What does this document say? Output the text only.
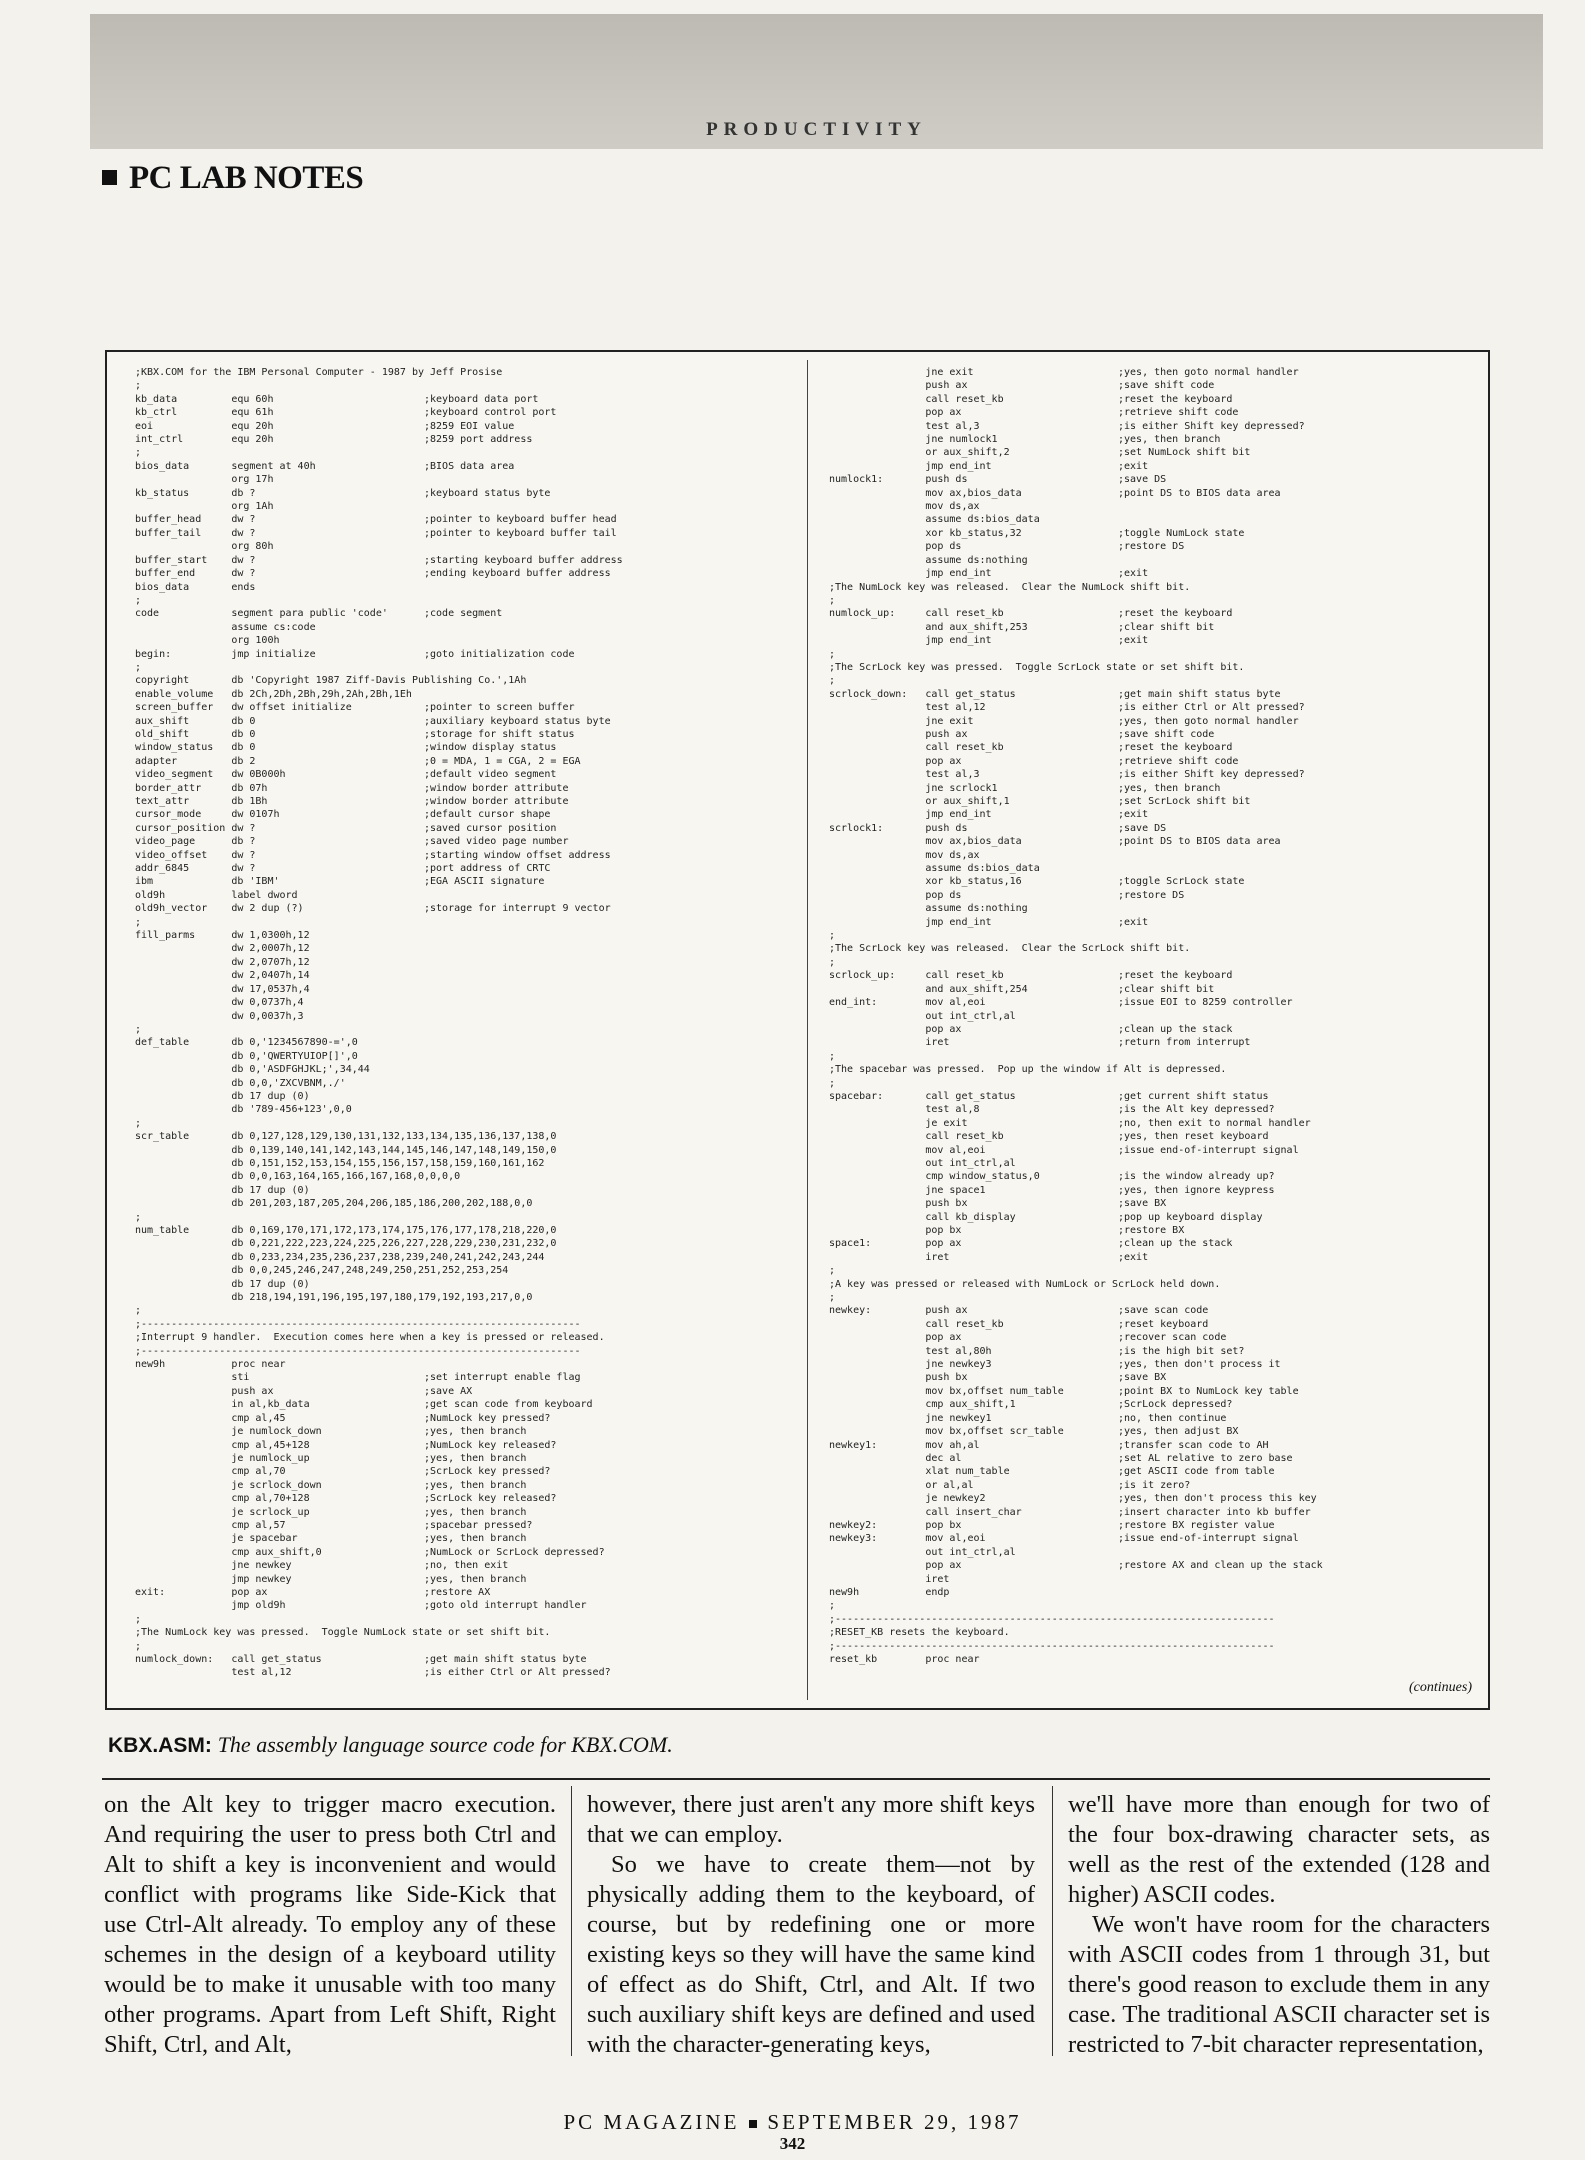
PRODUCTIVITY
PC LAB NOTES
;KBX.COM for the IBM Personal Computer - 1987 by Jeff Prosise
;
kb_data         equ 60h                         ;keyboard data port
kb_ctrl         equ 61h                         ;keyboard control port
eoi             equ 20h                         ;8259 EOI value
int_ctrl        equ 20h                         ;8259 port address
;
bios_data       segment at 40h                  ;BIOS data area
org 17h
kb_status       db ?                            ;keyboard status byte
org 1Ah
buffer_head     dw ?                            ;pointer to keyboard buffer head
buffer_tail     dw ?                            ;pointer to keyboard buffer tail
org 80h
buffer_start    dw ?                            ;starting keyboard buffer address
buffer_end      dw ?                            ;ending keyboard buffer address
bios_data       ends
;
code            segment para public 'code'      ;code segment
assume cs:code
org 100h
begin:          jmp initialize                  ;goto initialization code
;
copyright       db 'Copyright 1987 Ziff-Davis Publishing Co.',1Ah
enable_volume   db 2Ch,2Dh,2Bh,29h,2Ah,2Bh,1Eh
screen_buffer   dw offset initialize            ;pointer to screen buffer
aux_shift       db 0                            ;auxiliary keyboard status byte
old_shift       db 0                            ;storage for shift status
window_status   db 0                            ;window display status
adapter         db 2                            ;0 = MDA, 1 = CGA, 2 = EGA
video_segment   dw 0B000h                       ;default video segment
border_attr     db 07h                          ;window border attribute
text_attr       db 1Bh                          ;window border attribute
cursor_mode     dw 0107h                        ;default cursor shape
cursor_position dw ?                            ;saved cursor position
video_page      db ?                            ;saved video page number
video_offset    dw ?                            ;starting window offset address
addr_6845       dw ?                            ;port address of CRTC
ibm             db 'IBM'                        ;EGA ASCII signature
old9h           label dword
old9h_vector    dw 2 dup (?)                    ;storage for interrupt 9 vector
;
fill_parms      dw 1,0300h,12
dw 2,0007h,12
dw 2,0707h,12
dw 2,0407h,14
dw 17,0537h,4
dw 0,0737h,4
dw 0,0037h,3
;
def_table       db 0,'1234567890-=',0
db 0,'QWERTYUIOP[]',0
db 0,'ASDFGHJKL;',34,44
db 0,0,'ZXCVBNM,./'
db 17 dup (0)
db '789-456+123',0,0
;
scr_table       db 0,127,128,129,130,131,132,133,134,135,136,137,138,0
db 0,139,140,141,142,143,144,145,146,147,148,149,150,0
db 0,151,152,153,154,155,156,157,158,159,160,161,162
db 0,0,163,164,165,166,167,168,0,0,0,0
db 17 dup (0)
db 201,203,187,205,204,206,185,186,200,202,188,0,0
;
num_table       db 0,169,170,171,172,173,174,175,176,177,178,218,220,0
db 0,221,222,223,224,225,226,227,228,229,230,231,232,0
db 0,233,234,235,236,237,238,239,240,241,242,243,244
db 0,0,245,246,247,248,249,250,251,252,253,254
db 17 dup (0)
db 218,194,191,196,195,197,180,179,192,193,217,0,0
;
;-------------------------------------------------------------------------
;Interrupt 9 handler.  Execution comes here when a key is pressed or released.
;-------------------------------------------------------------------------
new9h           proc near
sti                             ;set interrupt enable flag
push ax                         ;save AX
in al,kb_data                   ;get scan code from keyboard
cmp al,45                       ;NumLock key pressed?
je numlock_down                 ;yes, then branch
cmp al,45+128                   ;NumLock key released?
je numlock_up                   ;yes, then branch
cmp al,70                       ;ScrLock key pressed?
je scrlock_down                 ;yes, then branch
cmp al,70+128                   ;ScrLock key released?
je scrlock_up                   ;yes, then branch
cmp al,57                       ;spacebar pressed?
je spacebar                     ;yes, then branch
cmp aux_shift,0                 ;NumLock or ScrLock depressed?
jne newkey                      ;no, then exit
jmp newkey                      ;yes, then branch
exit:           pop ax                          ;restore AX
jmp old9h                       ;goto old interrupt handler
;
;The NumLock key was pressed.  Toggle NumLock state or set shift bit.
;
numlock_down:   call get_status                 ;get main shift status byte
test al,12                      ;is either Ctrl or Alt pressed?
jne exit                        ;yes, then goto normal handler
push ax                         ;save shift code
call reset_kb                   ;reset the keyboard
pop ax                          ;retrieve shift code
test al,3                       ;is either Shift key depressed?
jne numlock1                    ;yes, then branch
or aux_shift,2                  ;set NumLock shift bit
jmp end_int                     ;exit
numlock1:       push ds                         ;save DS
mov ax,bios_data                ;point DS to BIOS data area
mov ds,ax
assume ds:bios_data
xor kb_status,32                ;toggle NumLock state
pop ds                          ;restore DS
assume ds:nothing
jmp end_int                     ;exit
;The NumLock key was released.  Clear the NumLock shift bit.
;
numlock_up:     call reset_kb                   ;reset the keyboard
and aux_shift,253               ;clear shift bit
jmp end_int                     ;exit
;
;The ScrLock key was pressed.  Toggle ScrLock state or set shift bit.
;
scrlock_down:   call get_status                 ;get main shift status byte
test al,12                      ;is either Ctrl or Alt pressed?
jne exit                        ;yes, then goto normal handler
push ax                         ;save shift code
call reset_kb                   ;reset the keyboard
pop ax                          ;retrieve shift code
test al,3                       ;is either Shift key depressed?
jne scrlock1                    ;yes, then branch
or aux_shift,1                  ;set ScrLock shift bit
jmp end_int                     ;exit
scrlock1:       push ds                         ;save DS
mov ax,bios_data                ;point DS to BIOS data area
mov ds,ax
assume ds:bios_data
xor kb_status,16                ;toggle ScrLock state
pop ds                          ;restore DS
assume ds:nothing
jmp end_int                     ;exit
;
;The ScrLock key was released.  Clear the ScrLock shift bit.
;
scrlock_up:     call reset_kb                   ;reset the keyboard
and aux_shift,254               ;clear shift bit
end_int:        mov al,eoi                      ;issue EOI to 8259 controller
out int_ctrl,al
pop ax                          ;clean up the stack
iret                            ;return from interrupt
;
;The spacebar was pressed.  Pop up the window if Alt is depressed.
;
spacebar:       call get_status                 ;get current shift status
test al,8                       ;is the Alt key depressed?
je exit                         ;no, then exit to normal handler
call reset_kb                   ;yes, then reset keyboard
mov al,eoi                      ;issue end-of-interrupt signal
out int_ctrl,al
cmp window_status,0             ;is the window already up?
jne space1                      ;yes, then ignore keypress
push bx                         ;save BX
call kb_display                 ;pop up keyboard display
pop bx                          ;restore BX
space1:         pop ax                          ;clean up the stack
iret                            ;exit
;
;A key was pressed or released with NumLock or ScrLock held down.
;
newkey:         push ax                         ;save scan code
call reset_kb                   ;reset keyboard
pop ax                          ;recover scan code
test al,80h                     ;is the high bit set?
jne newkey3                     ;yes, then don't process it
push bx                         ;save BX
mov bx,offset num_table         ;point BX to NumLock key table
cmp aux_shift,1                 ;ScrLock depressed?
jne newkey1                     ;no, then continue
mov bx,offset scr_table         ;yes, then adjust BX
newkey1:        mov ah,al                       ;transfer scan code to AH
dec al                          ;set AL relative to zero base
xlat num_table                  ;get ASCII code from table
or al,al                        ;is it zero?
je newkey2                      ;yes, then don't process this key
call insert_char                ;insert character into kb buffer
newkey2:        pop bx                          ;restore BX register value
newkey3:        mov al,eoi                      ;issue end-of-interrupt signal
out int_ctrl,al
pop ax                          ;restore AX and clean up the stack
iret
new9h           endp
;
;-------------------------------------------------------------------------
;RESET_KB resets the keyboard.
;-------------------------------------------------------------------------
reset_kb        proc near
(continues)
KBX.ASM: The assembly language source code for KBX.COM.

on the Alt key to trigger macro execution. And requiring the user to press both Ctrl and Alt to shift a key is inconvenient and would conflict with programs like Side-Kick that use Ctrl-Alt already. To employ any of these schemes in the design of a keyboard utility would be to make it unusable with too many other programs. Apart from Left Shift, Right Shift, Ctrl, and Alt,

however, there just aren't any more shift keys that we can employ.

So we have to create them—not by physically adding them to the keyboard, of course, but by redefining one or more existing keys so they will have the same kind of effect as do Shift, Ctrl, and Alt. If two such auxiliary shift keys are defined and used with the character-generating keys,

we'll have more than enough for two of the four box-drawing character sets, as well as the rest of the extended (128 and higher) ASCII codes.

We won't have room for the characters with ASCII codes from 1 through 31, but there's good reason to exclude them in any case. The traditional ASCII character set is restricted to 7-bit character representation,

PC MAGAZINE SEPTEMBER 29, 1987
342
